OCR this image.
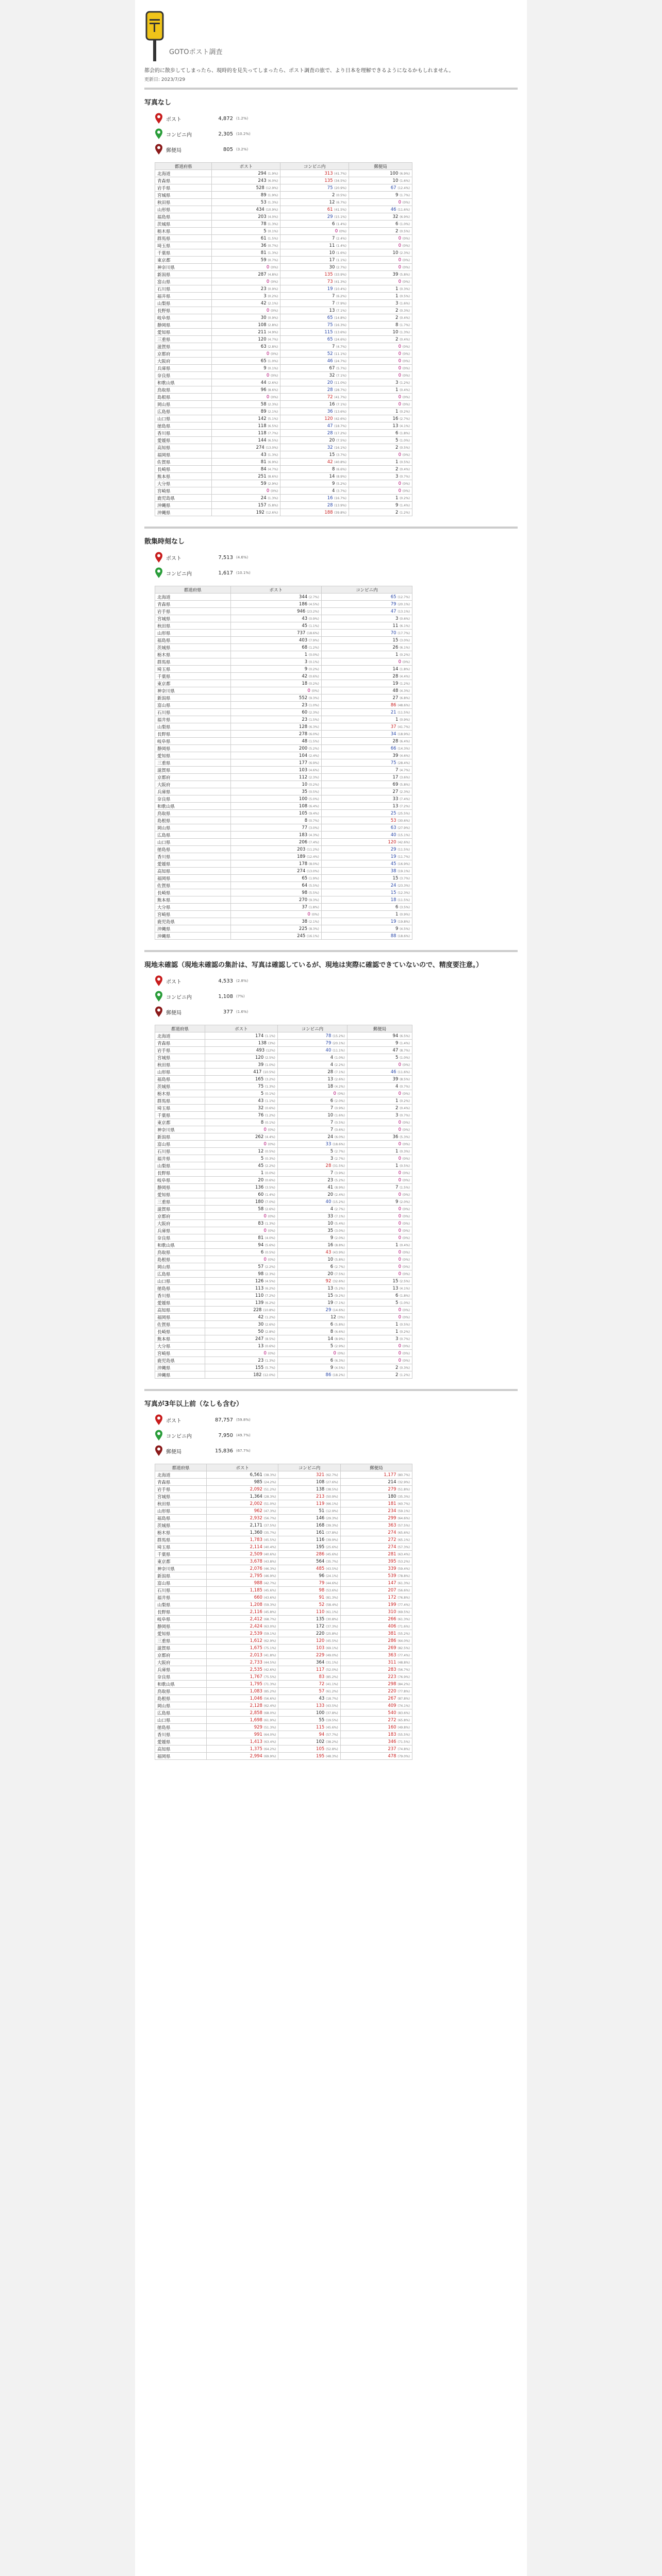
GOTOポスト調査
都会的に散歩してしまったら、現時的を見失ってしまったら、ポスト調査の旅で、より日本を理解できるようになるかもしれません。
更新日: 2023/7/29
写真なし
ポスト	4,872 (1.2%)
コンビニ内	2,305 (10.2%)
郵便局	805 (3.2%)
都道府県	ポスト	コンビニ内	郵便局
北海道	294 (1.9%)	313 (41.7%)	100 (6.9%)
青森県	243 (6.0%)	135 (34.5%)	10 (1.6%)
岩手県	528 (12.9%)	75 (20.9%)	67 (12.4%)
宮城県	89 (1.9%)	2 (0.5%)	9 (1.7%)
秋田県	53 (1.3%)	12 (6.7%)	0 (0%)
山形県	434 (10.9%)	61 (41.5%)	46 (11.6%)
福島県	203 (4.0%)	29 (15.1%)	32 (6.9%)
茨城県	78 (1.3%)	6 (1.4%)	6 (1.0%)
栃木県	5 (0.1%)	0 (0%)	2 (0.5%)
群馬県	61 (1.5%)	7 (2.4%)	0 (0%)
埼玉県	36 (0.7%)	11 (1.4%)	0 (0%)
千葉県	81 (1.3%)	10 (1.6%)	10 (2.3%)
東京都	59 (0.7%)	17 (1.1%)	0 (0%)
神奈川県	0 (0%)	30 (2.7%)	0 (0%)
新潟県	287 (4.8%)	135 (33.9%)	39 (5.8%)
富山県	0 (0%)	73 (41.3%)	0 (0%)
石川県	23 (0.9%)	19 (10.4%)	1 (0.3%)
福井県	3 (0.2%)	7 (6.2%)	1 (0.5%)
山梨県	42 (2.1%)	7 (7.9%)	3 (1.6%)
長野県	0 (0%)	13 (7.1%)	2 (0.3%)
岐阜県	30 (0.9%)	65 (14.8%)	2 (0.4%)
静岡県	108 (2.8%)	75 (16.3%)	8 (1.7%)
愛知県	211 (4.9%)	115 (13.6%)	10 (1.3%)
三重県	120 (4.7%)	65 (24.6%)	2 (0.4%)
滋賀県	63 (2.8%)	7 (4.7%)	0 (0%)
京都府	0 (0%)	52 (11.1%)	0 (0%)
大阪府	65 (1.0%)	46 (24.7%)	0 (0%)
兵庫県	9 (0.1%)	67 (5.7%)	0 (0%)
奈良県	0 (0%)	32 (7.1%)	0 (0%)
和歌山県	44 (2.6%)	20 (11.0%)	3 (1.2%)
鳥取県	96 (8.6%)	28 (28.7%)	1 (0.4%)
島根県	0 (0%)	72 (41.7%)	0 (0%)
岡山県	58 (2.3%)	16 (7.1%)	0 (0%)
広島県	89 (2.1%)	36 (13.6%)	1 (0.2%)
山口県	142 (5.1%)	120 (42.6%)	16 (2.7%)
徳島県	118 (6.5%)	47 (18.7%)	13 (4.1%)
香川県	118 (7.7%)	28 (17.2%)	6 (1.8%)
愛媛県	144 (6.5%)	20 (7.5%)	5 (1.0%)
高知県	274 (13.0%)	32 (16.1%)	2 (0.5%)
福岡県	43 (1.3%)	15 (3.7%)	0 (0%)
佐賀県	81 (6.9%)	42 (40.8%)	1 (0.5%)
長崎県	84 (4.7%)	8 (6.6%)	2 (0.4%)
熊本県	251 (8.6%)	14 (8.9%)	3 (0.7%)
大分県	59 (2.9%)	9 (5.2%)	0 (0%)
宮崎県	0 (0%)	4 (3.7%)	0 (0%)
鹿児島県	24 (1.3%)	16 (16.7%)	1 (0.2%)
沖縄県	157 (5.8%)	28 (13.9%)	9 (1.4%)
沖縄県	192 (12.6%)	188 (39.8%)	2 (1.2%)
散集時刻なし
ポスト	7,513 (4.6%)
コンビニ内	1,617 (10.1%)
都道府県	ポスト	コンビニ内
北海道	344 (2.7%)	65 (12.7%)
青森県	186 (4.5%)	79 (20.1%)
岩手県	946 (23.2%)	47 (13.1%)
宮城県	43 (0.9%)	3 (0.6%)
秋田県	45 (1.1%)	11 (6.1%)
山形県	737 (18.6%)	70 (17.7%)
福島県	403 (7.9%)	15 (3.0%)
茨城県	68 (1.2%)	26 (6.1%)
栃木県	1 (0.0%)	1 (0.2%)
群馬県	3 (0.1%)	0 (0%)
埼玉県	9 (0.2%)	14 (1.8%)
千葉県	42 (0.6%)	28 (4.4%)
東京都	18 (0.2%)	19 (1.2%)
神奈川県	0 (0%)	48 (4.3%)
新潟県	552 (9.3%)	27 (6.8%)
富山県	23 (1.0%)	86 (48.6%)
石川県	60 (2.3%)	21 (11.5%)
福井県	23 (1.5%)	1 (0.9%)
山梨県	128 (6.3%)	37 (41.7%)
長野県	278 (6.0%)	34 (18.9%)
岐阜県	48 (1.5%)	28 (6.4%)
静岡県	200 (5.2%)	66 (14.3%)
愛知県	104 (2.4%)	39 (4.6%)
三重県	177 (6.9%)	75 (28.4%)
滋賀県	103 (4.6%)	7 (4.7%)
京都府	112 (2.3%)	17 (3.6%)
大阪府	10 (0.2%)	69 (5.8%)
兵庫県	35 (0.5%)	27 (2.3%)
奈良県	100 (5.0%)	33 (7.4%)
和歌山県	108 (6.4%)	13 (7.2%)
鳥取県	105 (9.4%)	25 (25.5%)
島根県	8 (0.7%)	53 (30.6%)
岡山県	77 (3.0%)	63 (27.9%)
広島県	183 (4.3%)	40 (15.1%)
山口県	206 (7.4%)	120 (42.6%)
徳島県	203 (11.2%)	29 (11.5%)
香川県	189 (12.4%)	19 (11.7%)
愛媛県	178 (8.0%)	45 (16.9%)
高知県	274 (13.0%)	38 (19.1%)
福岡県	65 (1.9%)	15 (3.7%)
佐賀県	64 (5.5%)	24 (23.3%)
長崎県	98 (5.5%)	15 (12.3%)
熊本県	270 (9.3%)	18 (11.5%)
大分県	37 (1.8%)	6 (3.5%)
宮崎県	0 (0%)	1 (0.9%)
鹿児島県	38 (2.1%)	19 (19.8%)
沖縄県	225 (8.3%)	9 (4.5%)
沖縄県	245 (16.1%)	88 (18.6%)
現地未確認（現地未確認の集計は、写真は確認しているが、現地は実際に確認できていないので、精度要注意。）
ポスト	4,533 (2.8%)
コンビニ内	1,108 (7%)
郵便局	377 (1.6%)
都道府県	ポスト	コンビニ内	郵便局
北海道	174 (1.1%)	78 (15.2%)	94 (6.5%)
青森県	138 (3%)	79 (20.1%)	9 (1.4%)
岩手県	493 (12%)	40 (11.1%)	47 (8.7%)
宮城県	120 (2.5%)	4 (1.0%)	5 (1.0%)
秋田県	39 (1.0%)	4 (2.2%)	0 (0%)
山形県	417 (10.5%)	28 (7.1%)	46 (11.6%)
福島県	165 (3.2%)	13 (2.6%)	39 (8.5%)
茨城県	75 (1.3%)	18 (4.2%)	4 (0.7%)
栃木県	5 (0.1%)	0 (0%)	0 (0%)
群馬県	43 (1.1%)	6 (2.0%)	1 (0.2%)
埼玉県	32 (0.6%)	7 (0.9%)	2 (0.4%)
千葉県	76 (1.2%)	10 (1.6%)	3 (0.7%)
東京都	8 (0.1%)	7 (0.5%)	0 (0%)
神奈川県	0 (0%)	7 (0.6%)	0 (0%)
新潟県	262 (4.4%)	24 (6.0%)	36 (5.3%)
富山県	0 (0%)	33 (18.6%)	0 (0%)
石川県	12 (0.5%)	5 (2.7%)	1 (0.3%)
福井県	5 (0.3%)	3 (2.7%)	0 (0%)
山梨県	45 (2.2%)	28 (31.5%)	1 (0.5%)
長野県	1 (0.0%)	7 (3.9%)	0 (0%)
岐阜県	20 (0.6%)	23 (5.2%)	0 (0%)
静岡県	136 (3.5%)	41 (8.9%)	7 (1.5%)
愛知県	60 (1.4%)	20 (2.4%)	0 (0%)
三重県	180 (7.0%)	40 (15.2%)	9 (2.0%)
滋賀県	58 (2.6%)	4 (2.7%)	0 (0%)
京都府	0 (0%)	33 (7.1%)	0 (0%)
大阪府	83 (1.3%)	10 (5.4%)	0 (0%)
兵庫県	0 (0%)	35 (3.0%)	0 (0%)
奈良県	81 (4.0%)	9 (2.0%)	0 (0%)
和歌山県	94 (5.6%)	16 (8.8%)	1 (0.4%)
鳥取県	6 (0.5%)	43 (43.9%)	0 (0%)
島根県	0 (0%)	10 (5.8%)	0 (0%)
岡山県	57 (2.2%)	6 (2.7%)	0 (0%)
広島県	98 (2.3%)	20 (7.5%)	0 (0%)
山口県	126 (4.5%)	92 (32.6%)	15 (2.5%)
徳島県	113 (6.2%)	13 (5.2%)	13 (4.1%)
香川県	110 (7.2%)	15 (9.2%)	6 (1.8%)
愛媛県	139 (6.2%)	19 (7.1%)	5 (1.0%)
高知県	228 (10.8%)	29 (14.6%)	0 (0%)
福岡県	42 (1.2%)	12 (3%)	0 (0%)
佐賀県	30 (2.6%)	6 (5.8%)	1 (0.5%)
長崎県	50 (2.8%)	8 (6.6%)	1 (0.2%)
熊本県	247 (8.5%)	14 (8.9%)	3 (0.7%)
大分県	13 (0.6%)	5 (2.9%)	0 (0%)
宮崎県	0 (0%)	0 (0%)	0 (0%)
鹿児島県	23 (1.3%)	6 (6.3%)	0 (0%)
沖縄県	155 (5.7%)	9 (4.5%)	2 (0.3%)
沖縄県	182 (12.0%)	86 (18.2%)	2 (1.2%)
写真が3年以上前（なしも含む）
ポスト	87,757 (59.8%)
コンビニ内	7,950 (49.7%)
郵便局	15,836 (67.7%)
都道府県	ポスト	コンビニ内	郵便局
北海道	6,561 (38.3%)	321 (62.7%)	1,177 (80.7%)
青森県	985 (24.2%)	108 (27.6%)	214 (32.9%)
岩手県	2,092 (51.2%)	138 (38.5%)	279 (51.8%)
宮城県	1,364 (28.3%)	213 (50.9%)	180 (35.3%)
秋田県	2,002 (51.0%)	119 (66.1%)	181 (60.7%)
山形県	962 (47.3%)	51 (12.9%)	234 (59.1%)
福島県	2,932 (56.7%)	146 (29.3%)	299 (64.6%)
茨城県	2,171 (37.5%)	168 (39.3%)	363 (57.5%)
栃木県	1,360 (35.7%)	161 (37.8%)	274 (65.6%)
群馬県	1,783 (45.5%)	116 (39.9%)	272 (65.1%)
埼玉県	2,114 (40.4%)	195 (25.6%)	274 (57.3%)
千葉県	2,509 (40.6%)	286 (45.6%)	281 (63.4%)
東京都	3,678 (43.8%)	564 (35.7%)	395 (53.2%)
神奈川県	2,076 (46.3%)	485 (43.5%)	339 (59.4%)
新潟県	2,795 (46.9%)	96 (24.1%)	539 (78.8%)
富山県	988 (42.7%)	79 (44.6%)	147 (61.3%)
石川県	1,185 (45.6%)	98 (53.6%)	207 (56.6%)
福井県	660 (43.6%)	91 (81.3%)	172 (76.8%)
山梨県	1,208 (59.3%)	52 (58.4%)	199 (77.4%)
長野県	2,116 (45.8%)	110 (61.1%)	310 (69.5%)
岐阜県	2,412 (68.7%)	135 (30.8%)	266 (61.3%)
静岡県	2,424 (63.0%)	172 (37.3%)	406 (71.6%)
愛知県	2,539 (59.1%)	220 (25.8%)	381 (55.2%)
三重県	1,612 (62.9%)	120 (45.5%)	286 (64.0%)
滋賀県	1,675 (75.1%)	103 (69.1%)	269 (82.5%)
京都府	2,013 (41.8%)	229 (49.0%)	363 (77.4%)
大阪府	2,733 (44.5%)	364 (31.1%)	311 (48.8%)
兵庫県	2,535 (42.6%)	117 (52.0%)	283 (56.7%)
奈良県	1,767 (75.5%)	83 (85.2%)	223 (76.9%)
和歌山県	1,795 (71.3%)	72 (41.1%)	298 (84.2%)
鳥取県	1,083 (85.2%)	57 (61.2%)	220 (77.8%)
島根県	1,046 (56.6%)	43 (18.7%)	267 (87.8%)
岡山県	2,128 (62.4%)	133 (43.5%)	409 (74.1%)
広島県	2,858 (68.0%)	100 (37.8%)	540 (83.6%)
山口県	1,698 (61.9%)	55 (19.5%)	272 (65.8%)
徳島県	929 (51.3%)	115 (45.6%)	160 (49.8%)
香川県	991 (64.0%)	94 (57.7%)	183 (55.5%)
愛媛県	1,413 (63.4%)	102 (38.2%)	346 (71.5%)
高知県	1,375 (64.2%)	105 (52.8%)	237 (74.8%)
福岡県	2,994 (69.9%)	195 (48.3%)	478 (79.0%)
